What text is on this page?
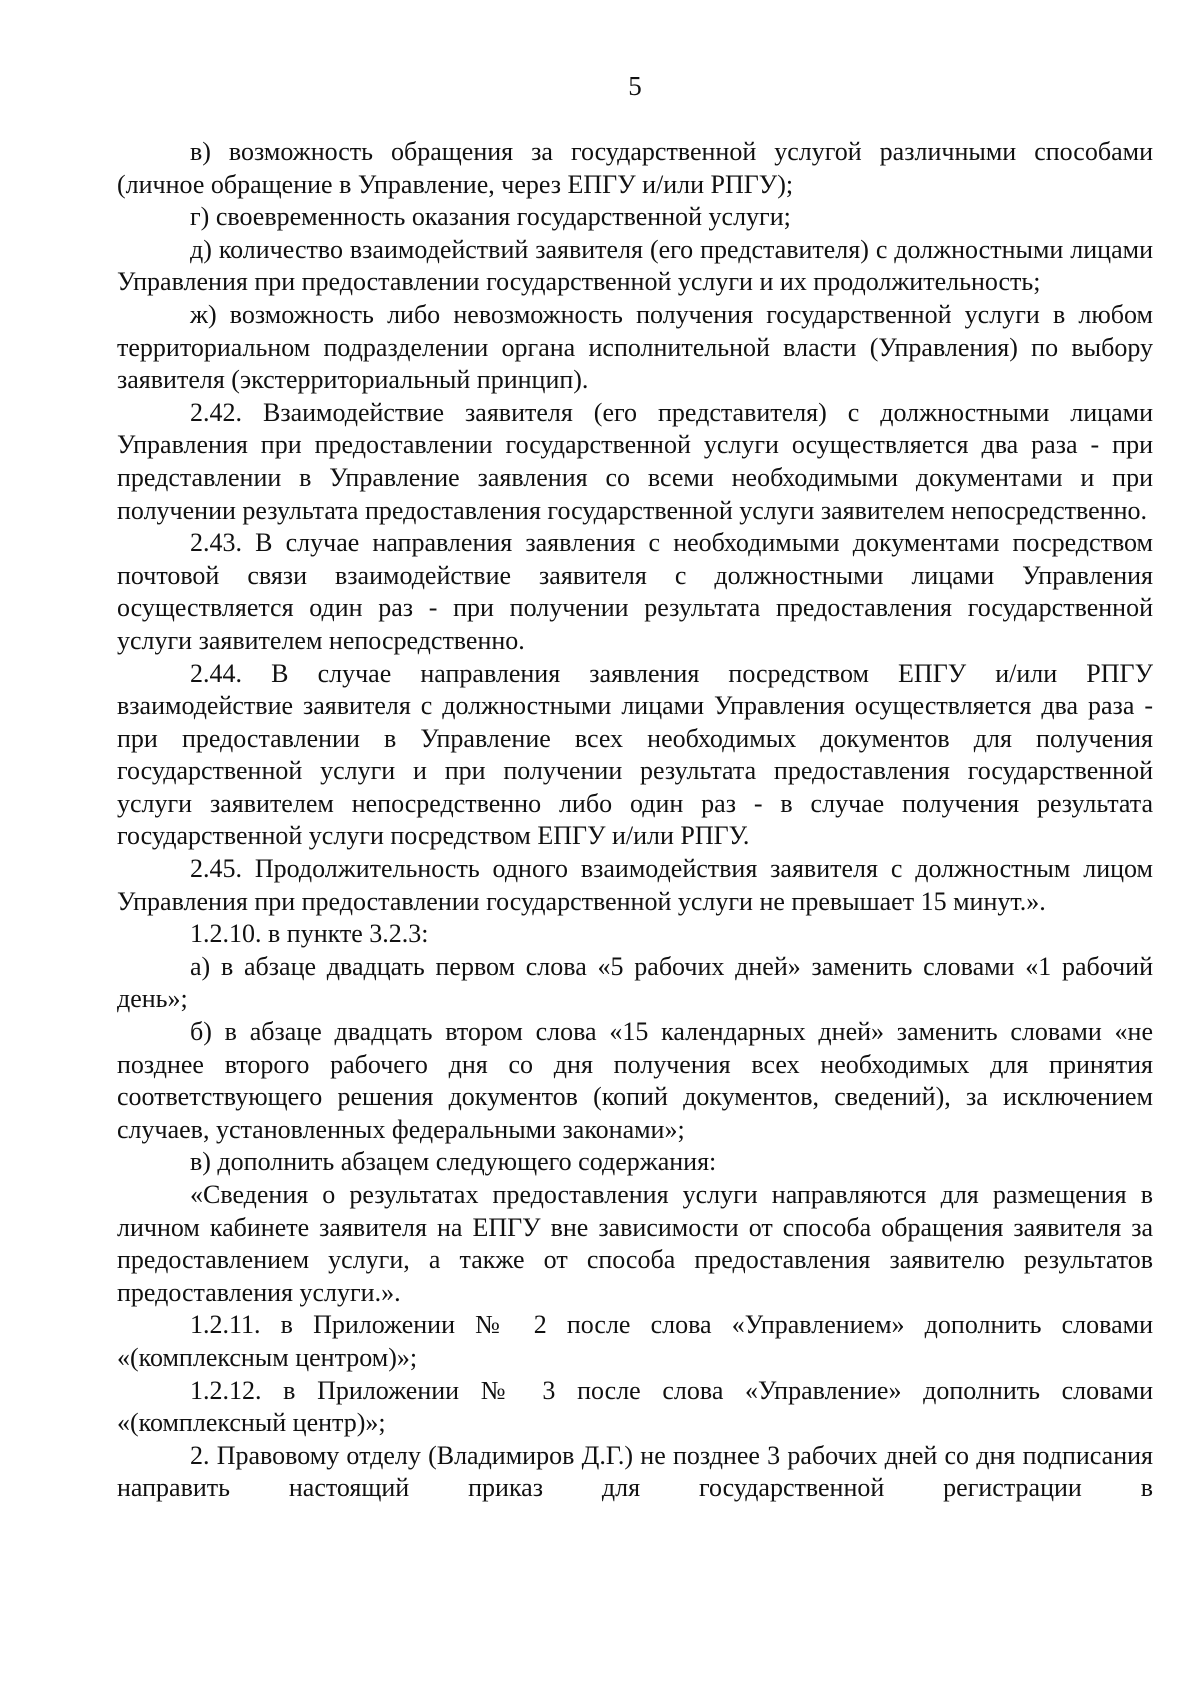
5

в) возможность обращения за государственной услугой различными способами (личное обращение в Управление, через ЕПГУ и/или РПГУ);

г) своевременность оказания государственной услуги;

д) количество взаимодействий заявителя (его представителя) с должностными лицами Управления при предоставлении государственной услуги и их продолжительность;

ж) возможность либо невозможность получения государственной услуги в любом территориальном подразделении органа исполнительной власти (Управления) по выбору заявителя (экстерриториальный принцип).

2.42. Взаимодействие заявителя (его представителя) с должностными лицами Управления при предоставлении государственной услуги осуществляется два раза - при представлении в Управление заявления со всеми необходимыми документами и при получении результата предоставления государственной услуги заявителем непосредственно.

2.43. В случае направления заявления с необходимыми документами посредством почтовой связи взаимодействие заявителя с должностными лицами Управления осуществляется один раз - при получении результата предоставления государственной услуги заявителем непосредственно.

2.44. В случае направления заявления посредством ЕПГУ и/или РПГУ взаимодействие заявителя с должностными лицами Управления осуществляется два раза - при предоставлении в Управление всех необходимых документов для получения государственной услуги и при получении результата предоставления государственной услуги заявителем непосредственно либо один раз - в случае получения результата государственной услуги посредством ЕПГУ и/или РПГУ.

2.45. Продолжительность одного взаимодействия заявителя с должностным лицом Управления при предоставлении государственной услуги не превышает 15 минут.».

1.2.10. в пункте 3.2.3:

а) в абзаце двадцать первом слова «5 рабочих дней» заменить словами «1 рабочий день»;

б) в абзаце двадцать втором слова «15 календарных дней» заменить словами «не позднее второго рабочего дня со дня получения всех необходимых для принятия соответствующего решения документов (копий документов, сведений), за исключением случаев, установленных федеральными законами»;

в) дополнить абзацем следующего содержания:

«Сведения о результатах предоставления услуги направляются для размещения в личном кабинете заявителя на ЕПГУ вне зависимости от способа обращения заявителя за предоставлением услуги, а также от способа предоставления заявителю результатов предоставления услуги.».

1.2.11. в Приложении № 2 после слова «Управлением» дополнить словами «(комплексным центром)»;

1.2.12. в Приложении № 3 после слова «Управление» дополнить словами «(комплексный центр)»;

2. Правовому отделу (Владимиров Д.Г.) не позднее 3 рабочих дней со дня подписания направить настоящий приказ для государственной регистрации в
